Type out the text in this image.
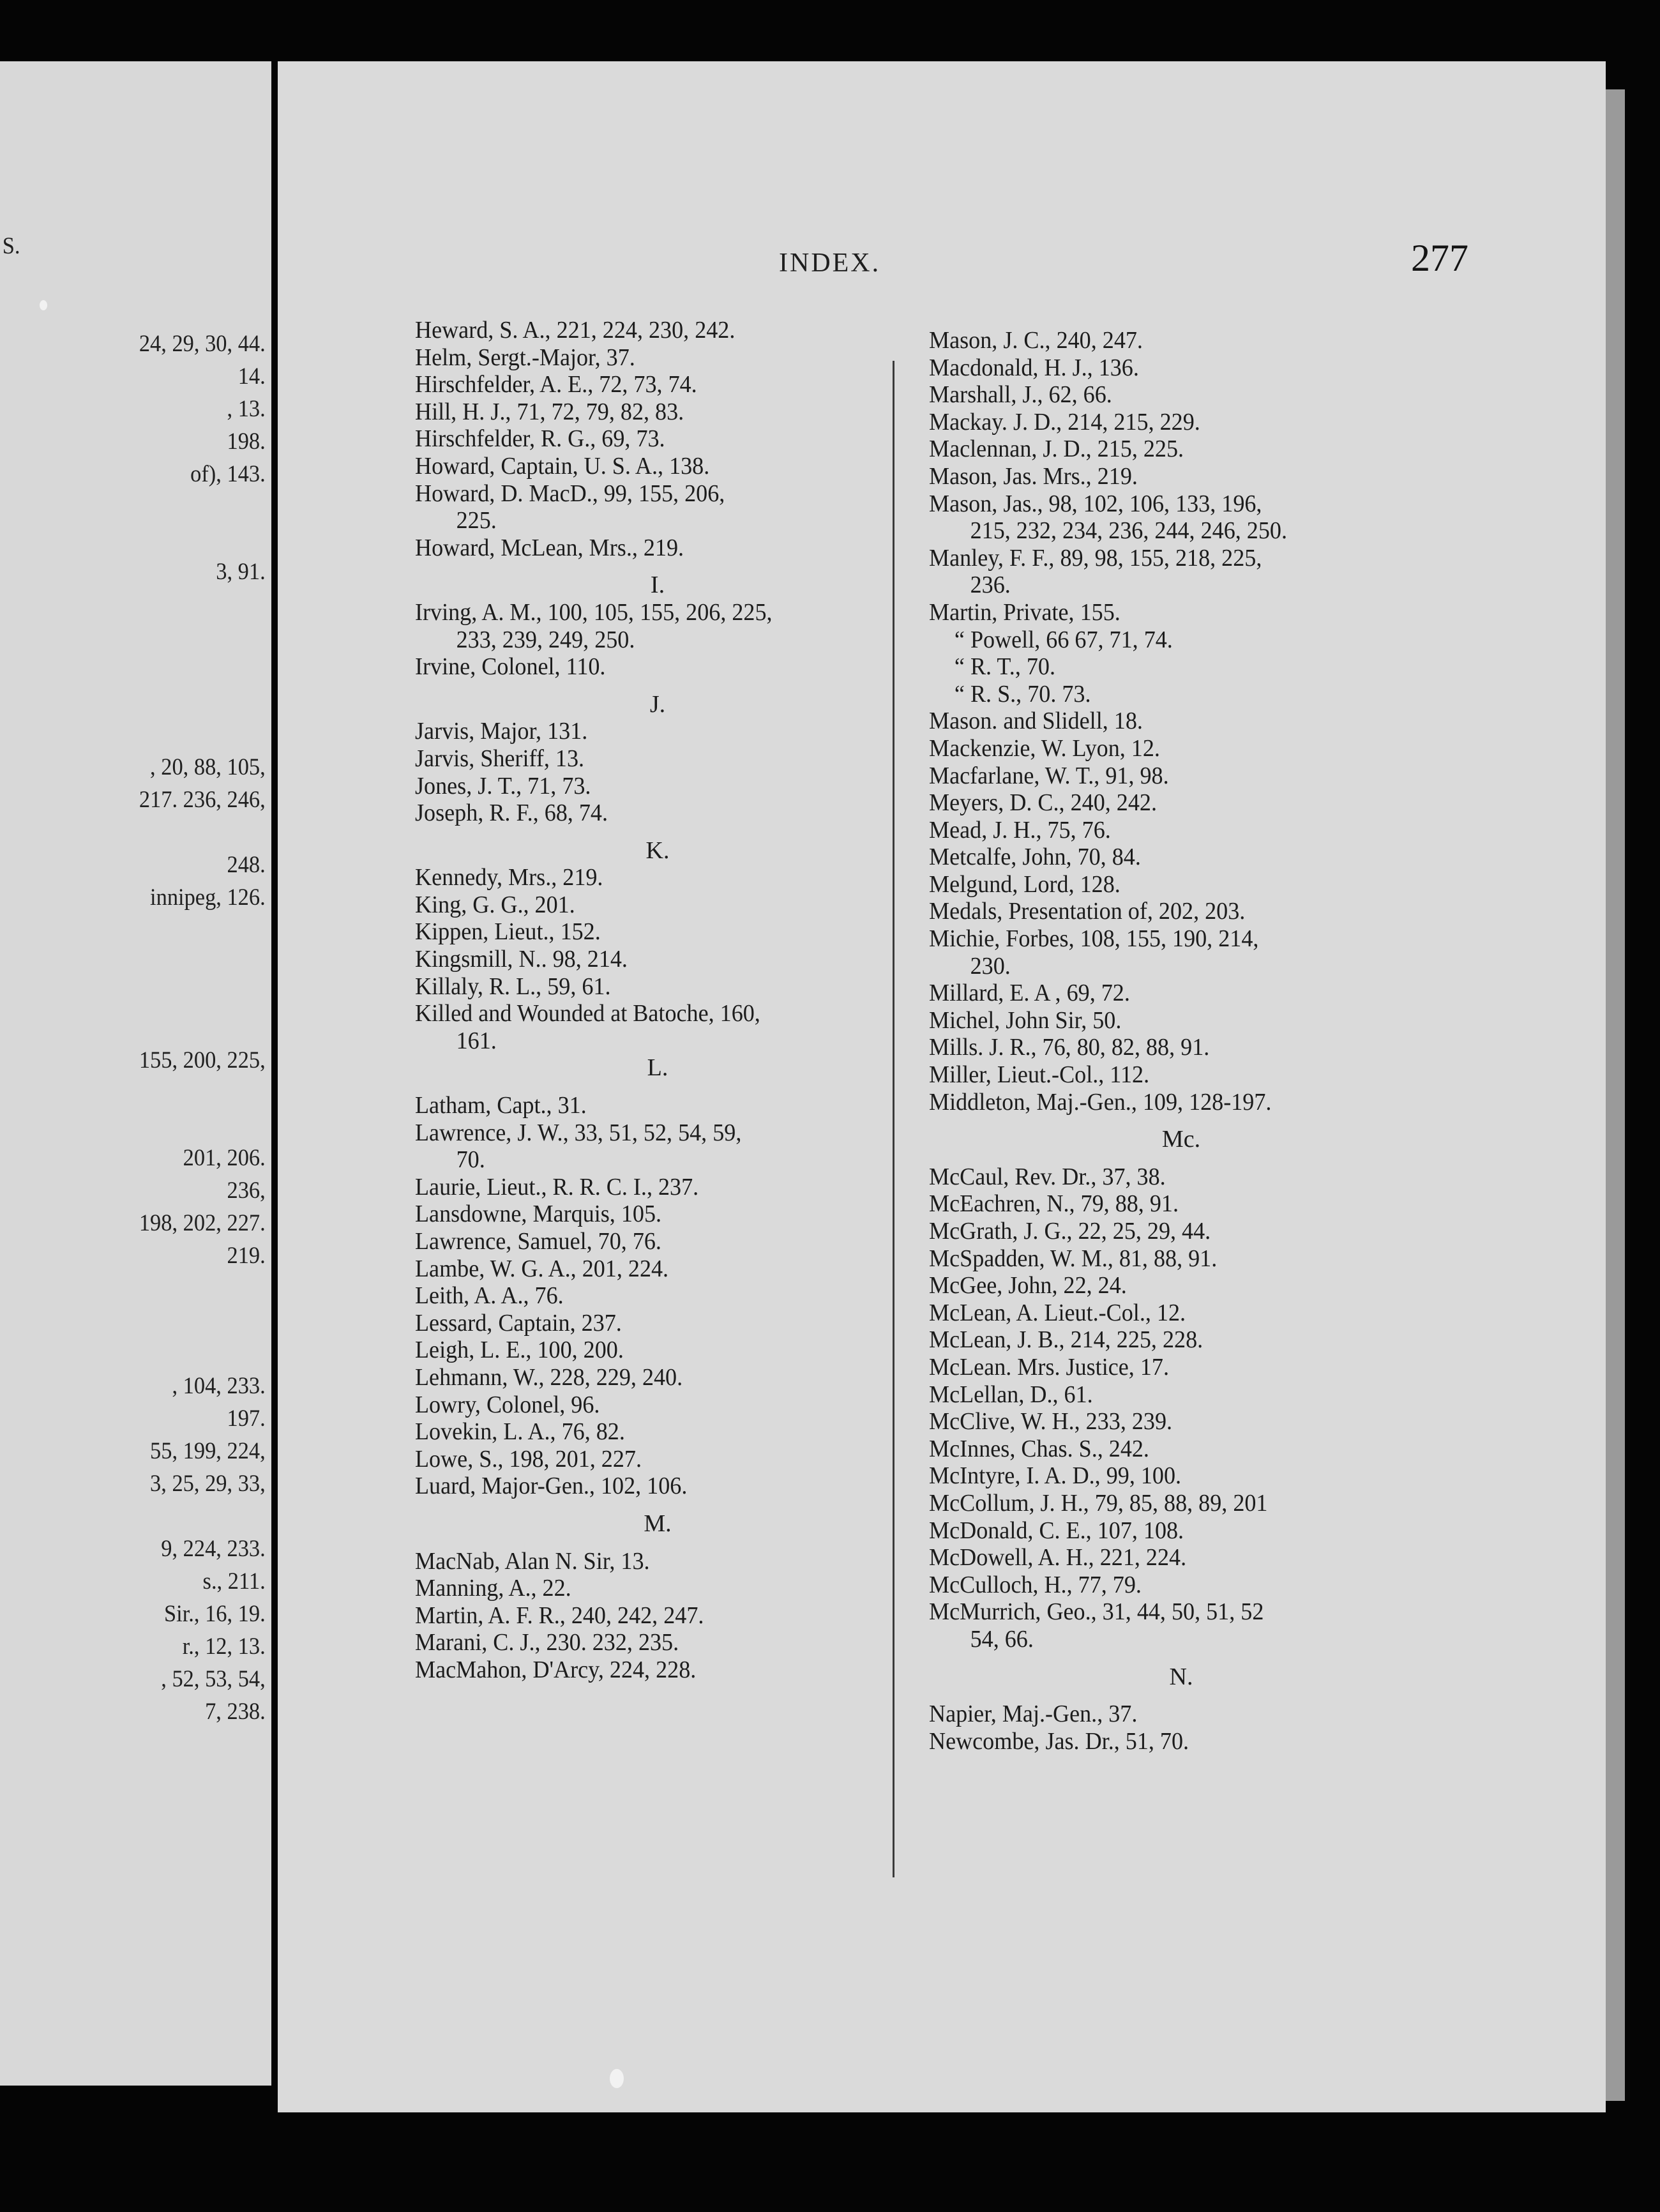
S.
24, 29, 30, 44.
14.
, 13.
198.
of), 143.
3, 91.
, 20, 88, 105,
217. 236, 246,
248.
innipeg, 126.
155, 200, 225,
201, 206.
236,
198, 202, 227.
219.
, 104, 233.
197.
55, 199, 224,
3, 25, 29, 33,
9, 224, 233.
s., 211.
Sir., 16, 19.
r., 12, 13.
, 52, 53, 54,
7, 238.
INDEX.	277
Heward, S. A., 221, 224, 230, 242.
Helm, Sergt.-Major, 37.
Hirschfelder, A. E., 72, 73, 74.
Hill, H. J., 71, 72, 79, 82, 83.
Hirschfelder, R. G., 69, 73.
Howard, Captain, U. S. A., 138.
Howard, D. MacD., 99, 155, 206,
225.
Howard, McLean, Mrs., 219.
I.
Irving, A. M., 100, 105, 155, 206, 225,
233, 239, 249, 250.
Irvine, Colonel, 110.
J.
Jarvis, Major, 131.
Jarvis, Sheriff, 13.
Jones, J. T., 71, 73.
Joseph, R. F., 68, 74.
K.
Kennedy, Mrs., 219.
King, G. G., 201.
Kippen, Lieut., 152.
Kingsmill, N.. 98, 214.
Killaly, R. L., 59, 61.
Killed and Wounded at Batoche, 160,
161.
L.
Latham, Capt., 31.
Lawrence, J. W., 33, 51, 52, 54, 59,
70.
Laurie, Lieut., R. R. C. I., 237.
Lansdowne, Marquis, 105.
Lawrence, Samuel, 70, 76.
Lambe, W. G. A., 201, 224.
Leith, A. A., 76.
Lessard, Captain, 237.
Leigh, L. E., 100, 200.
Lehmann, W., 228, 229, 240.
Lowry, Colonel, 96.
Lovekin, L. A., 76, 82.
Lowe, S., 198, 201, 227.
Luard, Major-Gen., 102, 106.
M.
MacNab, Alan N. Sir, 13.
Manning, A., 22.
Martin, A. F. R., 240, 242, 247.
Marani, C. J., 230. 232, 235.
MacMahon, D'Arcy, 224, 228.
Mason, J. C., 240, 247.
Macdonald, H. J., 136.
Marshall, J., 62, 66.
Mackay. J. D., 214, 215, 229.
Maclennan, J. D., 215, 225.
Mason, Jas. Mrs., 219.
Mason, Jas., 98, 102, 106, 133, 196,
215, 232, 234, 236, 244, 246, 250.
Manley, F. F., 89, 98, 155, 218, 225,
236.
Martin, Private, 155.
“ Powell, 66 67, 71, 74.
“ R. T., 70.
“ R. S., 70. 73.
Mason. and Slidell, 18.
Mackenzie, W. Lyon, 12.
Macfarlane, W. T., 91, 98.
Meyers, D. C., 240, 242.
Mead, J. H., 75, 76.
Metcalfe, John, 70, 84.
Melgund, Lord, 128.
Medals, Presentation of, 202, 203.
Michie, Forbes, 108, 155, 190, 214,
230.
Millard, E. A , 69, 72.
Michel, John Sir, 50.
Mills. J. R., 76, 80, 82, 88, 91.
Miller, Lieut.-Col., 112.
Middleton, Maj.-Gen., 109, 128-197.
Mc.
McCaul, Rev. Dr., 37, 38.
McEachren, N., 79, 88, 91.
McGrath, J. G., 22, 25, 29, 44.
McSpadden, W. M., 81, 88, 91.
McGee, John, 22, 24.
McLean, A. Lieut.-Col., 12.
McLean, J. B., 214, 225, 228.
McLean. Mrs. Justice, 17.
McLellan, D., 61.
McClive, W. H., 233, 239.
McInnes, Chas. S., 242.
McIntyre, I. A. D., 99, 100.
McCollum, J. H., 79, 85, 88, 89, 201
McDonald, C. E., 107, 108.
McDowell, A. H., 221, 224.
McCulloch, H., 77, 79.
McMurrich, Geo., 31, 44, 50, 51, 52
54, 66.
N.
Napier, Maj.-Gen., 37.
Newcombe, Jas. Dr., 51, 70.
